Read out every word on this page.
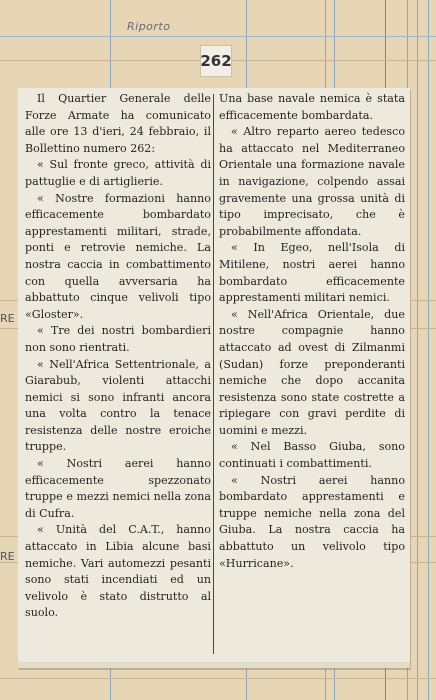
Riporto
262
RE
RE

Il Quartier Generale delle Forze Armate ha comunicato alle ore 13 d'ieri, 24 febbraio, il Bollettino numero 262:

« Sul fronte greco, attività di pattuglie e di artiglierie.

« Nostre formazioni hanno efficacemente bombardato apprestamenti militari, strade, ponti e retrovie nemiche. La nostra caccia in combattimento con quella avversaria ha abbattuto cinque velivoli tipo «Gloster».

« Tre dei nostri bombardieri non sono rientrati.

« Nell'Africa Settentrionale, a Giarabub, violenti attacchi nemici si sono infranti ancora una volta contro la tenace resistenza delle nostre eroiche truppe.

« Nostri aerei hanno efficacemente spezzonato truppe e mezzi nemici nella zona di Cufra.

« Unità del C.A.T., hanno attaccato in Libia alcune basi nemiche. Vari automezzi pesanti sono stati incendiati ed un velivolo è stato distrutto al suolo.

Una base navale nemica è stata efficacemente bombardata.

« Altro reparto aereo tedesco ha attaccato nel Mediterraneo Orientale una formazione navale in navigazione, colpendo assai gravemente una grossa unità di tipo imprecisato, che è probabilmente affondata.

« In Egeo, nell'Isola di Mitilene, nostri aerei hanno bombardato efficacemente apprestamenti militari nemici.

« Nell'Africa Orientale, due nostre compagnie hanno attaccato ad ovest di Zilmanmi (Sudan) forze preponderanti nemiche che dopo accanita resistenza sono state costrette a ripiegare con gravi perdite di uomini e mezzi.

« Nel Basso Giuba, sono continuati i combattimenti.

« Nostri aerei hanno bombardato apprestamenti e truppe nemiche nella zona del Giuba. La nostra caccia ha abbattuto un velivolo tipo «Hurricane».
